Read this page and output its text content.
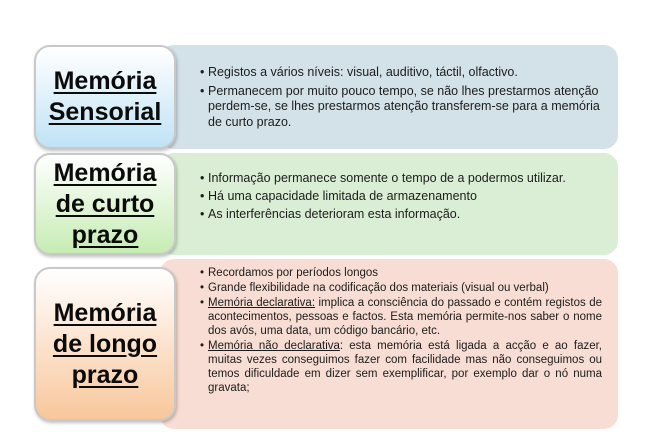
Memória
Sensorial
• Registos a vários níveis: visual, auditivo, táctil, olfactivo.
• Permanecem por muito pouco tempo, se não lhes prestarmos atenção perdem-se, se lhes prestarmos atenção transferem-se para a memória de curto prazo.
Memória
de curto
prazo
• Informação permanece somente o tempo de a podermos utilizar.
• Há uma capacidade limitada de armazenamento
• As interferências deterioram esta informação.
Memória
de longo
prazo
• Recordamos por períodos longos
• Grande flexibilidade na codificação dos materiais (visual ou verbal)
• Memória declarativa: implica a consciência do passado e contém registos de acontecimentos, pessoas e factos. Esta memória permite-nos saber o nome dos avós, uma data, um código bancário, etc.
• Memória não declarativa: esta memória está ligada a acção e ao fazer, muitas vezes conseguimos fazer com facilidade mas não conseguimos ou temos dificuldade em dizer sem exemplificar, por exemplo dar o nó numa gravata;
